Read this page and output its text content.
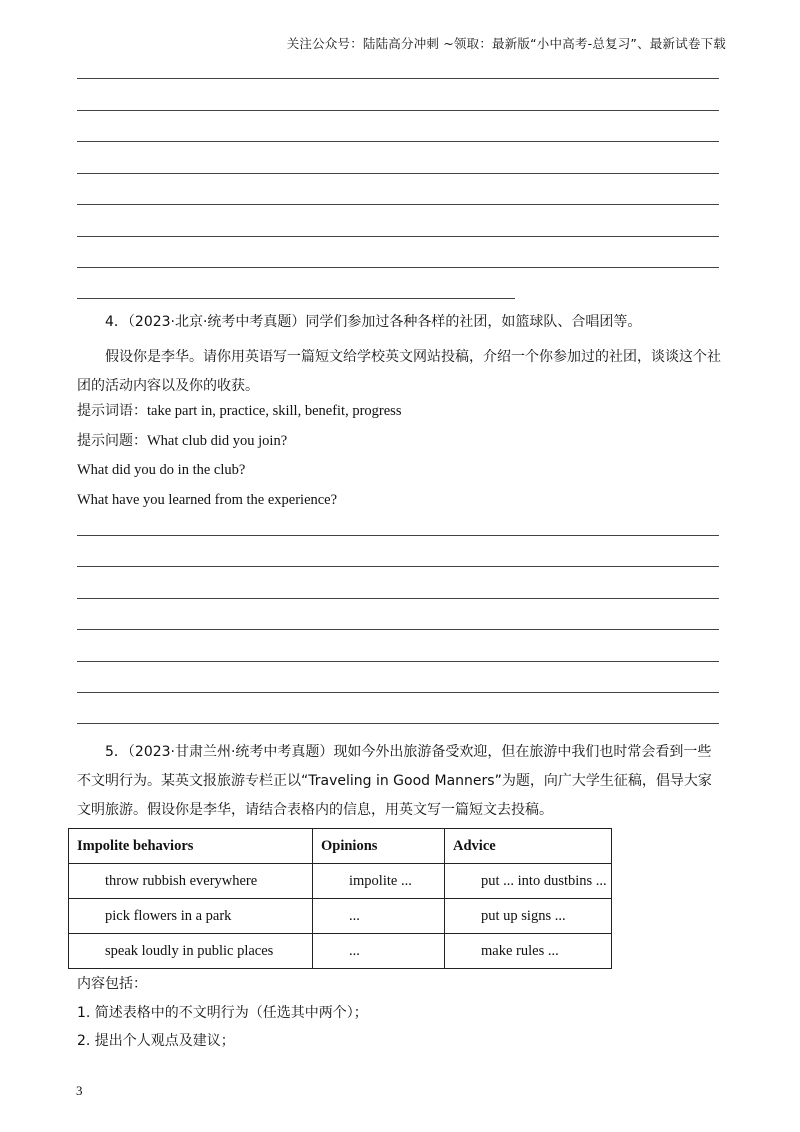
关注公众号：陆陆高分冲刺 ~领取：最新版“小中高考-总复习”、最新试卷下载
4．（2023·北京·统考中考真题）同学们参加过各种各样的社团，如篮球队、合唱团等。
假设你是李华。请你用英语写一篇短文给学校英文网站投稿，介绍一个你参加过的社团，谈谈这个社团的活动内容以及你的收获。
提示词语：take part in, practice, skill, benefit, progress
提示问题：What club did you join?
What did you do in the club?
What have you learned from the experience?
5．（2023·甘肃兰州·统考中考真题）现如今外出旅游备受欢迎，但在旅游中我们也时常会看到一些不文明行为。某英文报旅游专栏正以“Traveling in Good Manners”为题，向广大学生征稿，倡导大家文明旅游。假设你是李华，请结合表格内的信息，用英文写一篇短文去投稿。
Impolite behaviors	Opinions	Advice
throw rubbish everywhere	impolite ...	put ... into dustbins ...
pick flowers in a park	...	put up signs ...
speak loudly in public places	...	make rules ...
内容包括：
1. 简述表格中的不文明行为（任选其中两个）；
2. 提出个人观点及建议；
3
